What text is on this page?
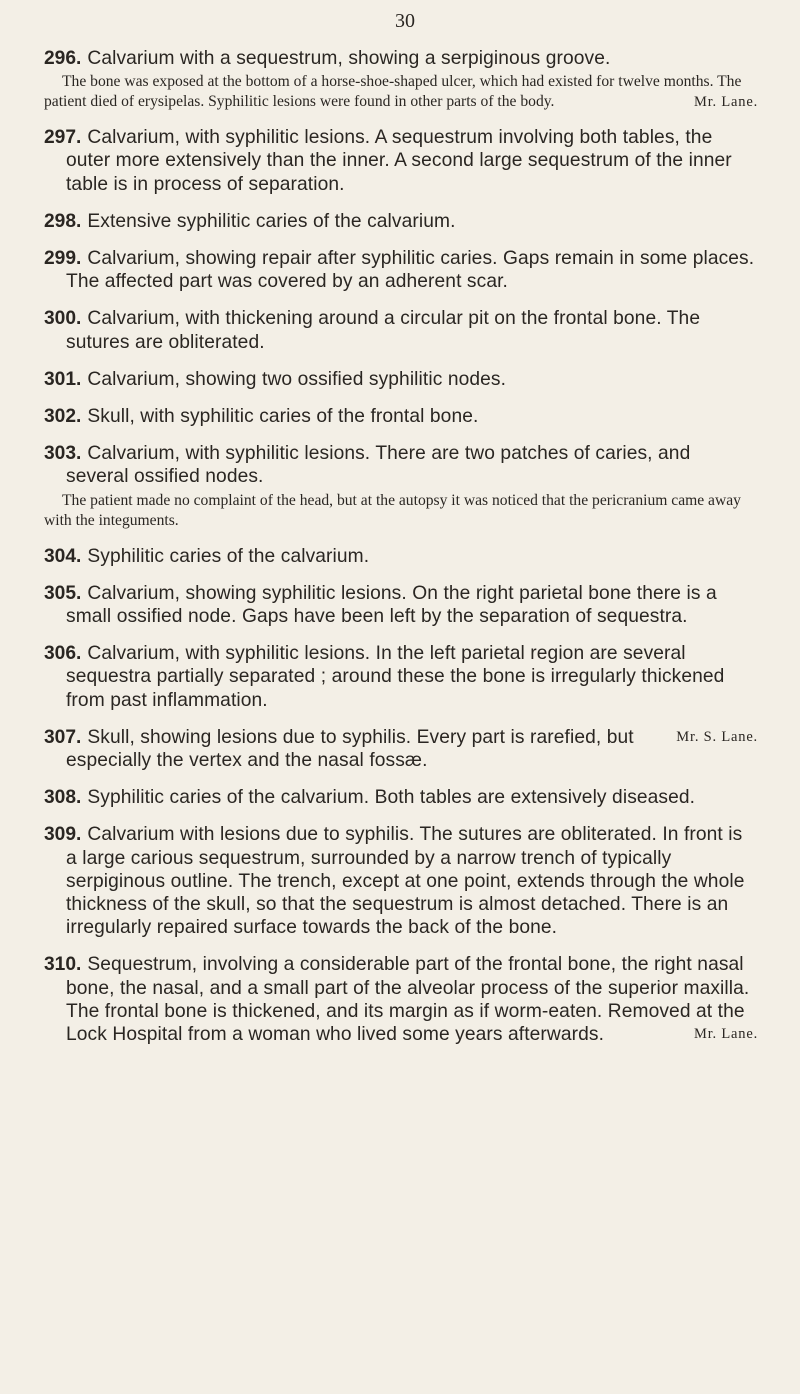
30

296. Calvarium with a sequestrum, showing a serpiginous groove.

The bone was exposed at the bottom of a horse-shoe-shaped ulcer, which had existed for twelve months. The patient died of erysipelas. Syphilitic lesions were found in other parts of the body.	Mr. Lane.

297. Calvarium, with syphilitic lesions. A sequestrum involving both tables, the outer more extensively than the inner. A second large sequestrum of the inner table is in process of separation.

298. Extensive syphilitic caries of the calvarium.

299. Calvarium, showing repair after syphilitic caries. Gaps remain in some places. The affected part was covered by an adherent scar.

300. Calvarium, with thickening around a circular pit on the frontal bone. The sutures are obliterated.

301. Calvarium, showing two ossified syphilitic nodes.

302. Skull, with syphilitic caries of the frontal bone.

303. Calvarium, with syphilitic lesions. There are two patches of caries, and several ossified nodes.

The patient made no complaint of the head, but at the autopsy it was noticed that the pericranium came away with the integuments.

304. Syphilitic caries of the calvarium.

305. Calvarium, showing syphilitic lesions. On the right parietal bone there is a small ossified node. Gaps have been left by the separation of sequestra.

306. Calvarium, with syphilitic lesions. In the left parietal region are several sequestra partially separated ; around these the bone is irregularly thickened from past inflammation.

307.	Mr. S. Lane.
Skull, showing lesions due to syphilis. Every part is rarefied, but especially the vertex and the nasal fossæ.

308. Syphilitic caries of the calvarium. Both tables are extensively diseased.

309. Calvarium with lesions due to syphilis. The sutures are obliterated. In front is a large carious sequestrum, surrounded by a narrow trench of typically serpiginous outline. The trench, except at one point, extends through the whole thickness of the skull, so that the sequestrum is almost detached. There is an irregularly repaired surface towards the back of the bone.

310. Sequestrum, involving a considerable part of the frontal bone, the right nasal bone, the nasal, and a small part of the alveolar process of the superior maxilla. The frontal bone is thickened, and its margin as if worm-eaten. Removed at the Lock Hospital from a woman who lived some years afterwards.	Mr. Lane.
